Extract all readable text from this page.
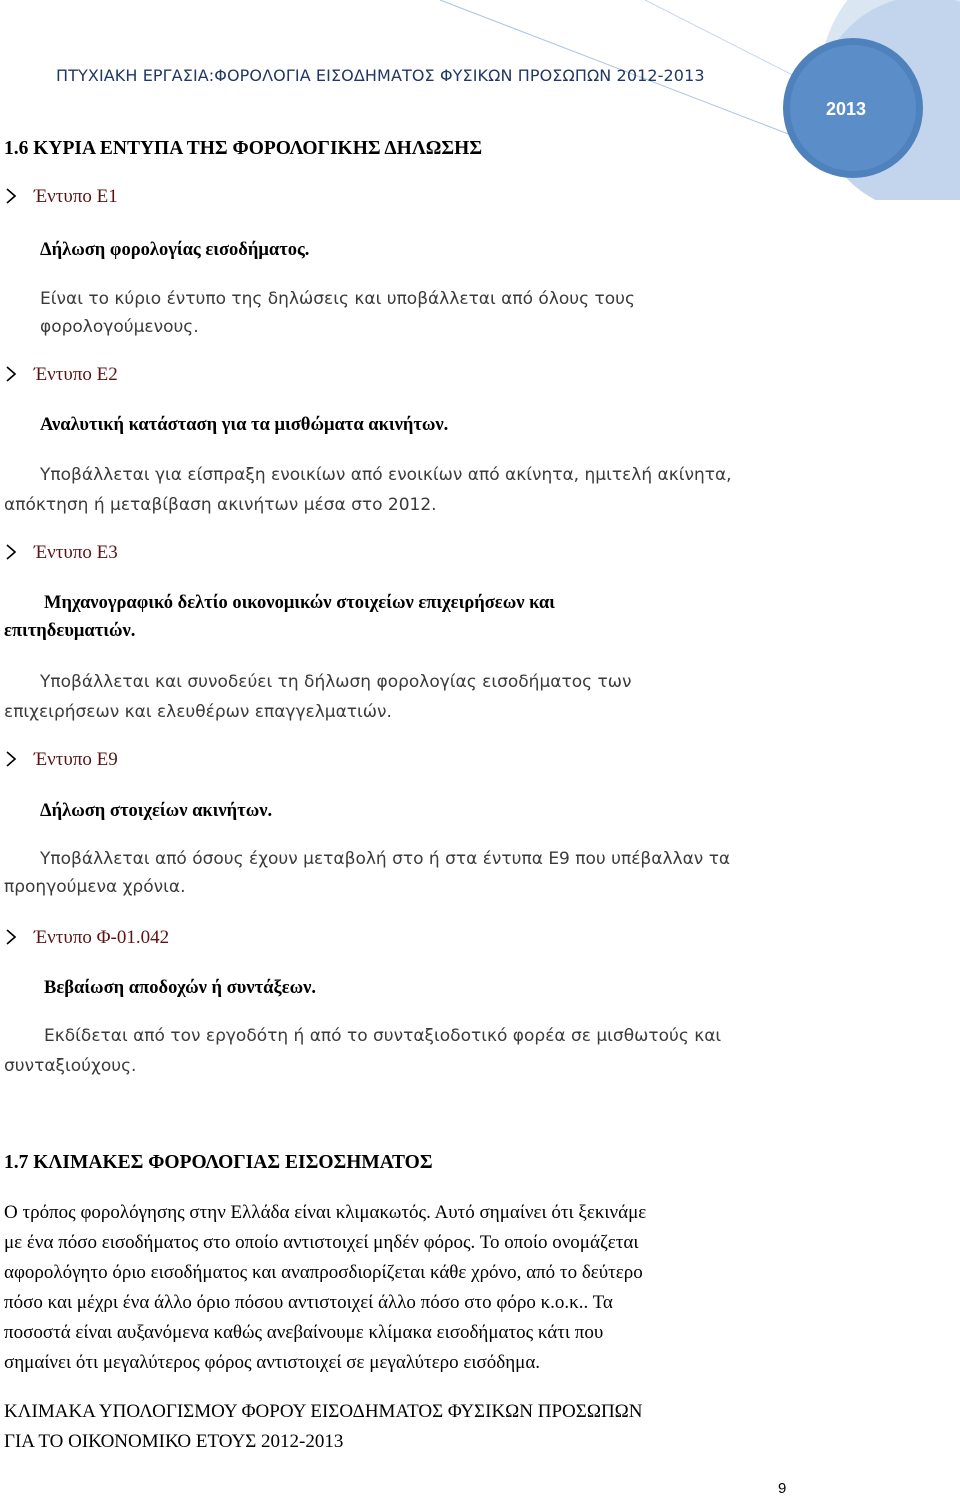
ΠΤΥΧΙΑΚΗ ΕΡΓΑΣΙΑ:ΦΟΡΟΛΟΓΙΑ ΕΙΣΟΔΗΜΑΤΟΣ ΦΥΣΙΚΩΝ ΠΡΟΣΩΠΩΝ 2012-2013
2013
1.6 ΚΥΡΙΑ ΕΝΤΥΠΑ ΤΗΣ ΦΟΡΟΛΟΓΙΚΗΣ ΔΗΛΩΣΗΣ
Έντυπο Ε1
Δήλωση φορολογίας εισοδήματος.
Είναι το κύριο έντυπο της δηλώσεις και υποβάλλεται από όλους τους
φορολογούμενους.
Έντυπο Ε2
Αναλυτική κατάσταση για τα μισθώματα ακινήτων.
Υποβάλλεται για είσπραξη ενοικίων από ενοικίων από ακίνητα, ημιτελή ακίνητα,
απόκτηση ή μεταβίβαση ακινήτων μέσα στο 2012.
Έντυπο Ε3
Μηχανογραφικό δελτίο οικονομικών στοιχείων επιχειρήσεων και
επιτηδευματιών.
Υποβάλλεται και συνοδεύει τη δήλωση φορολογίας εισοδήματος των
επιχειρήσεων και ελευθέρων επαγγελματιών.
Έντυπο Ε9
Δήλωση στοιχείων ακινήτων.
Υποβάλλεται από όσους έχουν μεταβολή στο ή στα έντυπα Ε9 που υπέβαλλαν τα
προηγούμενα χρόνια.
Έντυπο Φ-01.042
Βεβαίωση αποδοχών ή συντάξεων.
Εκδίδεται από τον εργοδότη ή από το συνταξιοδοτικό φορέα σε μισθωτούς και
συνταξιούχους.
1.7 ΚΛΙΜΑΚΕΣ ΦΟΡΟΛΟΓΙΑΣ ΕΙΣΟΣΗΜΑΤΟΣ
Ο τρόπος φορολόγησης στην Ελλάδα είναι κλιμακωτός. Αυτό σημαίνει ότι ξεκινάμε
με ένα πόσο εισοδήματος στο οποίο αντιστοιχεί μηδέν φόρος. Το οποίο ονομάζεται
αφορολόγητο όριο εισοδήματος και αναπροσδιορίζεται κάθε χρόνο, από το δεύτερο
πόσο και μέχρι ένα άλλο όριο πόσου αντιστοιχεί άλλο πόσο στο φόρο κ.ο.κ.. Τα
ποσοστά είναι αυξανόμενα καθώς ανεβαίνουμε κλίμακα εισοδήματος κάτι που
σημαίνει ότι μεγαλύτερος φόρος αντιστοιχεί σε μεγαλύτερο εισόδημα.
ΚΛΙΜΑΚΑ ΥΠΟΛΟΓΙΣΜΟΥ ΦΟΡΟΥ ΕΙΣΟΔΗΜΑΤΟΣ ΦΥΣΙΚΩΝ ΠΡΟΣΩΠΩΝ
ΓΙΑ ΤΟ ΟΙΚΟΝΟΜΙΚΟ ΕΤΟΥΣ 2012-2013
9
